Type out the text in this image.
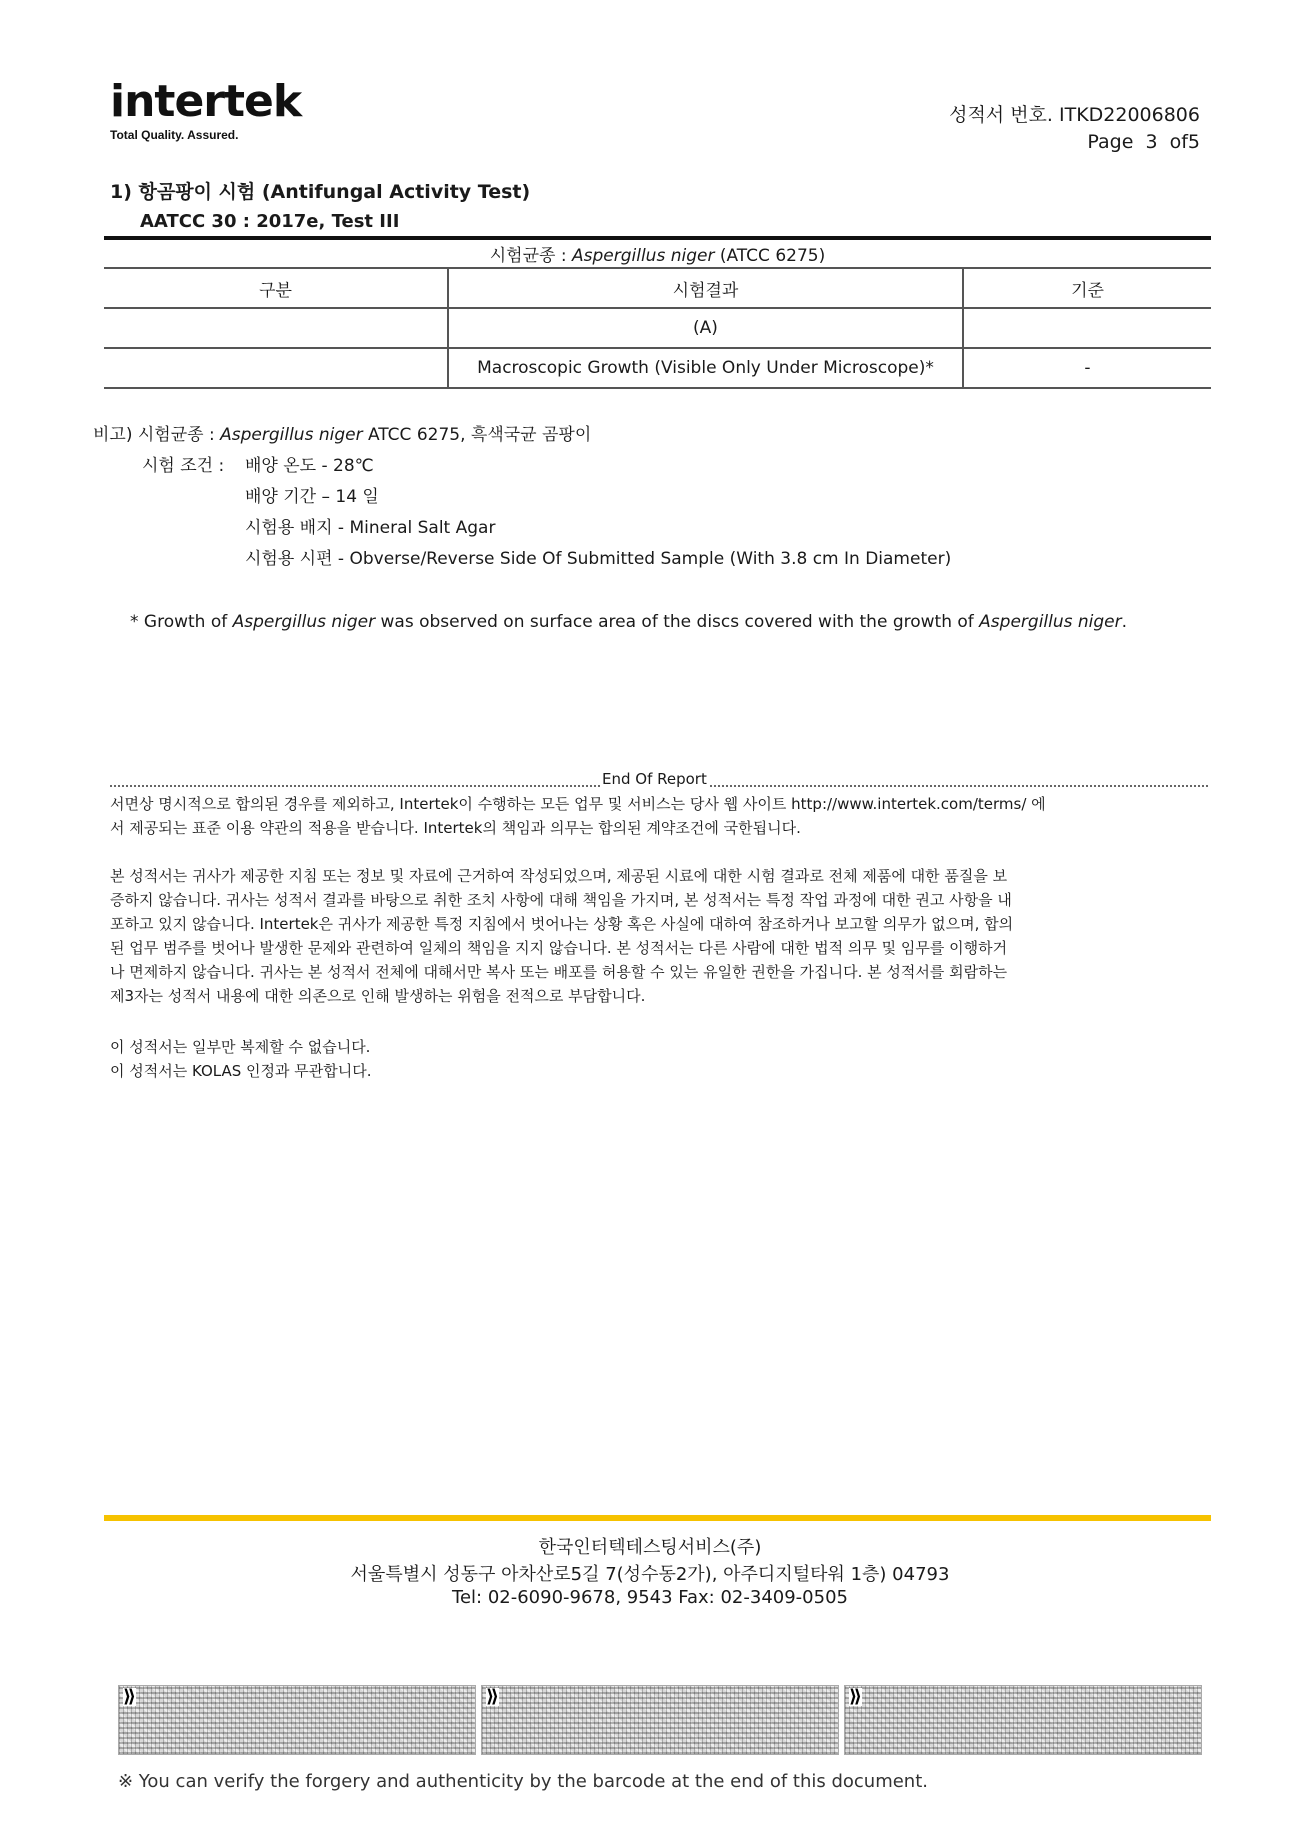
intertek
Total Quality. Assured.
성적서 번호. ITKD22006806
Page 3 of5
1) 항곰팡이 시험 (Antifungal Activity Test)
AATCC 30 : 2017e, Test III
시험균종 : Aspergillus niger (ATCC 6275)		
구분	시험결과	기준
	(A)	
	Macroscopic Growth (Visible Only Under Microscope)*	-
비고) 시험균종 : Aspergillus niger ATCC 6275, 흑색국균 곰팡이
시험 조건 : 배양 온도 - 28℃
배양 기간 – 14 일
시험용 배지 - Mineral Salt Agar
시험용 시편 - Obverse/Reverse Side Of Submitted Sample (With 3.8 cm In Diameter)
* Growth of Aspergillus niger was observed on surface area of the discs covered with the growth of Aspergillus niger.
End Of Report
서면상 명시적으로 합의된 경우를 제외하고, Intertek이 수행하는 모든 업무 및 서비스는 당사 웹 사이트 http://www.intertek.com/terms/ 에
서 제공되는 표준 이용 약관의 적용을 받습니다. Intertek의 책임과 의무는 합의된 계약조건에 국한됩니다.
본 성적서는 귀사가 제공한 지침 또는 정보 및 자료에 근거하여 작성되었으며, 제공된 시료에 대한 시험 결과로 전체 제품에 대한 품질을 보
증하지 않습니다. 귀사는 성적서 결과를 바탕으로 취한 조치 사항에 대해 책임을 가지며, 본 성적서는 특정 작업 과정에 대한 권고 사항을 내
포하고 있지 않습니다. Intertek은 귀사가 제공한 특정 지침에서 벗어나는 상황 혹은 사실에 대하여 참조하거나 보고할 의무가 없으며, 합의
된 업무 범주를 벗어나 발생한 문제와 관련하여 일체의 책임을 지지 않습니다. 본 성적서는 다른 사람에 대한 법적 의무 및 임무를 이행하거
나 면제하지 않습니다. 귀사는 본 성적서 전체에 대해서만 복사 또는 배포를 허용할 수 있는 유일한 권한을 가집니다. 본 성적서를 회람하는
제3자는 성적서 내용에 대한 의존으로 인해 발생하는 위험을 전적으로 부담합니다.
이 성적서는 일부만 복제할 수 없습니다.
이 성적서는 KOLAS 인정과 무관합니다.
한국인터텍테스팅서비스(주)
서울특별시 성동구 아차산로5길 7(성수동2가), 아주디지털타워 1층) 04793
Tel: 02-6090-9678, 9543 Fax: 02-3409-0505
⟫	⟫	⟫
※ You can verify the forgery and authenticity by the barcode at the end of this document.
